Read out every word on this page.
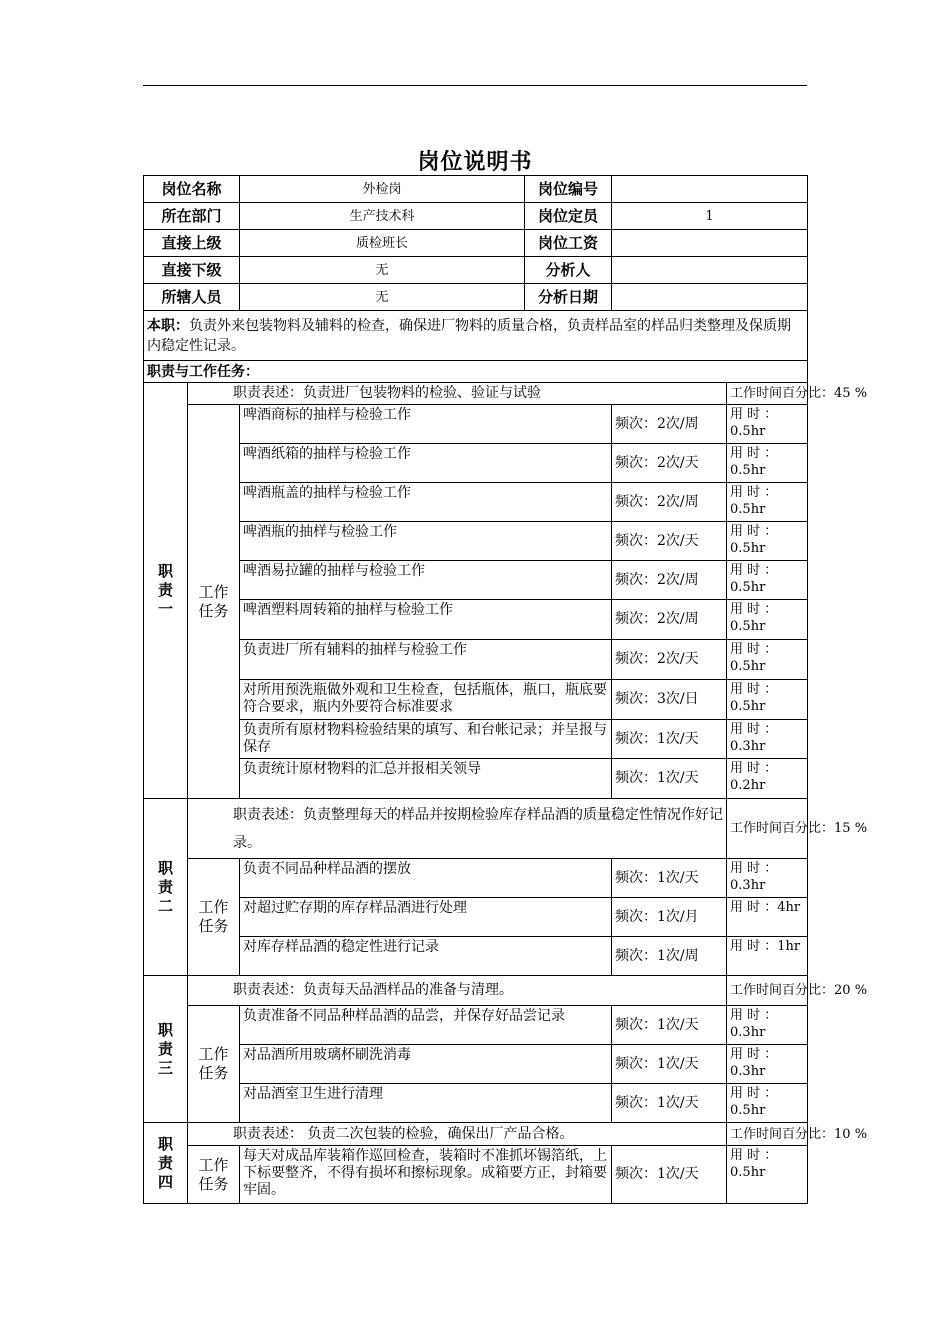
岗位说明书
岗位名称		外检岗 岗位编号		

所在部门		生产技术科 岗位定员	1	
直接上级		质检班长 岗位工资		

直接下级		无 分析人		

所辖人员		无 分析日期		

本职：负责外来包装物料及辅料的检查，确保进厂物料的质量合格，负责样品室的样品归类整理及保质期内稳定性记录。				
职责与工作任务：				
职责一	职责表述：负责进厂包装物料的检验、验证与试验			工作时间百分比：45 %
	工作任务	啤酒商标的抽样与检验工作	频次：2次/周	用 时 ：0.5hr
		啤酒纸箱的抽样与检验工作	频次：2次/天	用 时 ：0.5hr
		啤酒瓶盖的抽样与检验工作	频次：2次/周	用 时 ：0.5hr
		啤酒瓶的抽样与检验工作	频次：2次/天	用 时 ：0.5hr
		啤酒易拉罐的抽样与检验工作	频次：2次/周	用 时 ：0.5hr
		啤酒塑料周转箱的抽样与检验工作	频次：2次/周	用 时 ：0.5hr
		负责进厂所有辅料的抽样与检验工作	频次：2次/天	用 时 ：0.5hr
		对所用预洗瓶做外观和卫生检查，包括瓶体，瓶口，瓶底要符合要求，瓶内外要符合标准要求	频次：3次/日	用 时 ：0.5hr
		负责所有原材物料检验结果的填写、和台帐记录；并呈报与保存	频次：1次/天	用 时 ：0.3hr
		负责统计原材物料的汇总并报相关领导	频次：1次/天	用 时 ：0.2hr
职责二	职责表述：负责整理每天的样品并按期检验库存样品酒的质量稳定性情况作好记录。			工作时间百分比：15 %
	工作任务	负责不同品种样品酒的摆放	频次：1次/天	用 时 ：0.3hr
		对超过贮存期的库存样品酒进行处理	频次：1次/月	用 时 ：4hr
		对库存样品酒的稳定性进行记录	频次：1次/周	用 时 ：1hr
职责三	职责表述：负责每天品酒样品的准备与清理。			工作时间百分比：20 %
	工作任务	负责准备不同品种样品酒的品尝，并保存好品尝记录	频次：1次/天	用 时 ：0.3hr
		对品酒所用玻璃杯刷洗消毒	频次：1次/天	用 时 ：0.3hr
		对品酒室卫生进行清理	频次：1次/天	用 时 ：0.5hr
职责四	职责表述： 负责二次包装的检验，确保出厂产品合格。			工作时间百分比：10 %
	工作任务	每天对成品库装箱作巡回检查，装箱时不准抓坏锡箔纸，上下标要整齐，不得有损坏和擦标现象。成箱要方正，封箱要牢固。	频次：1次/天	用 时 ：0.5hr
